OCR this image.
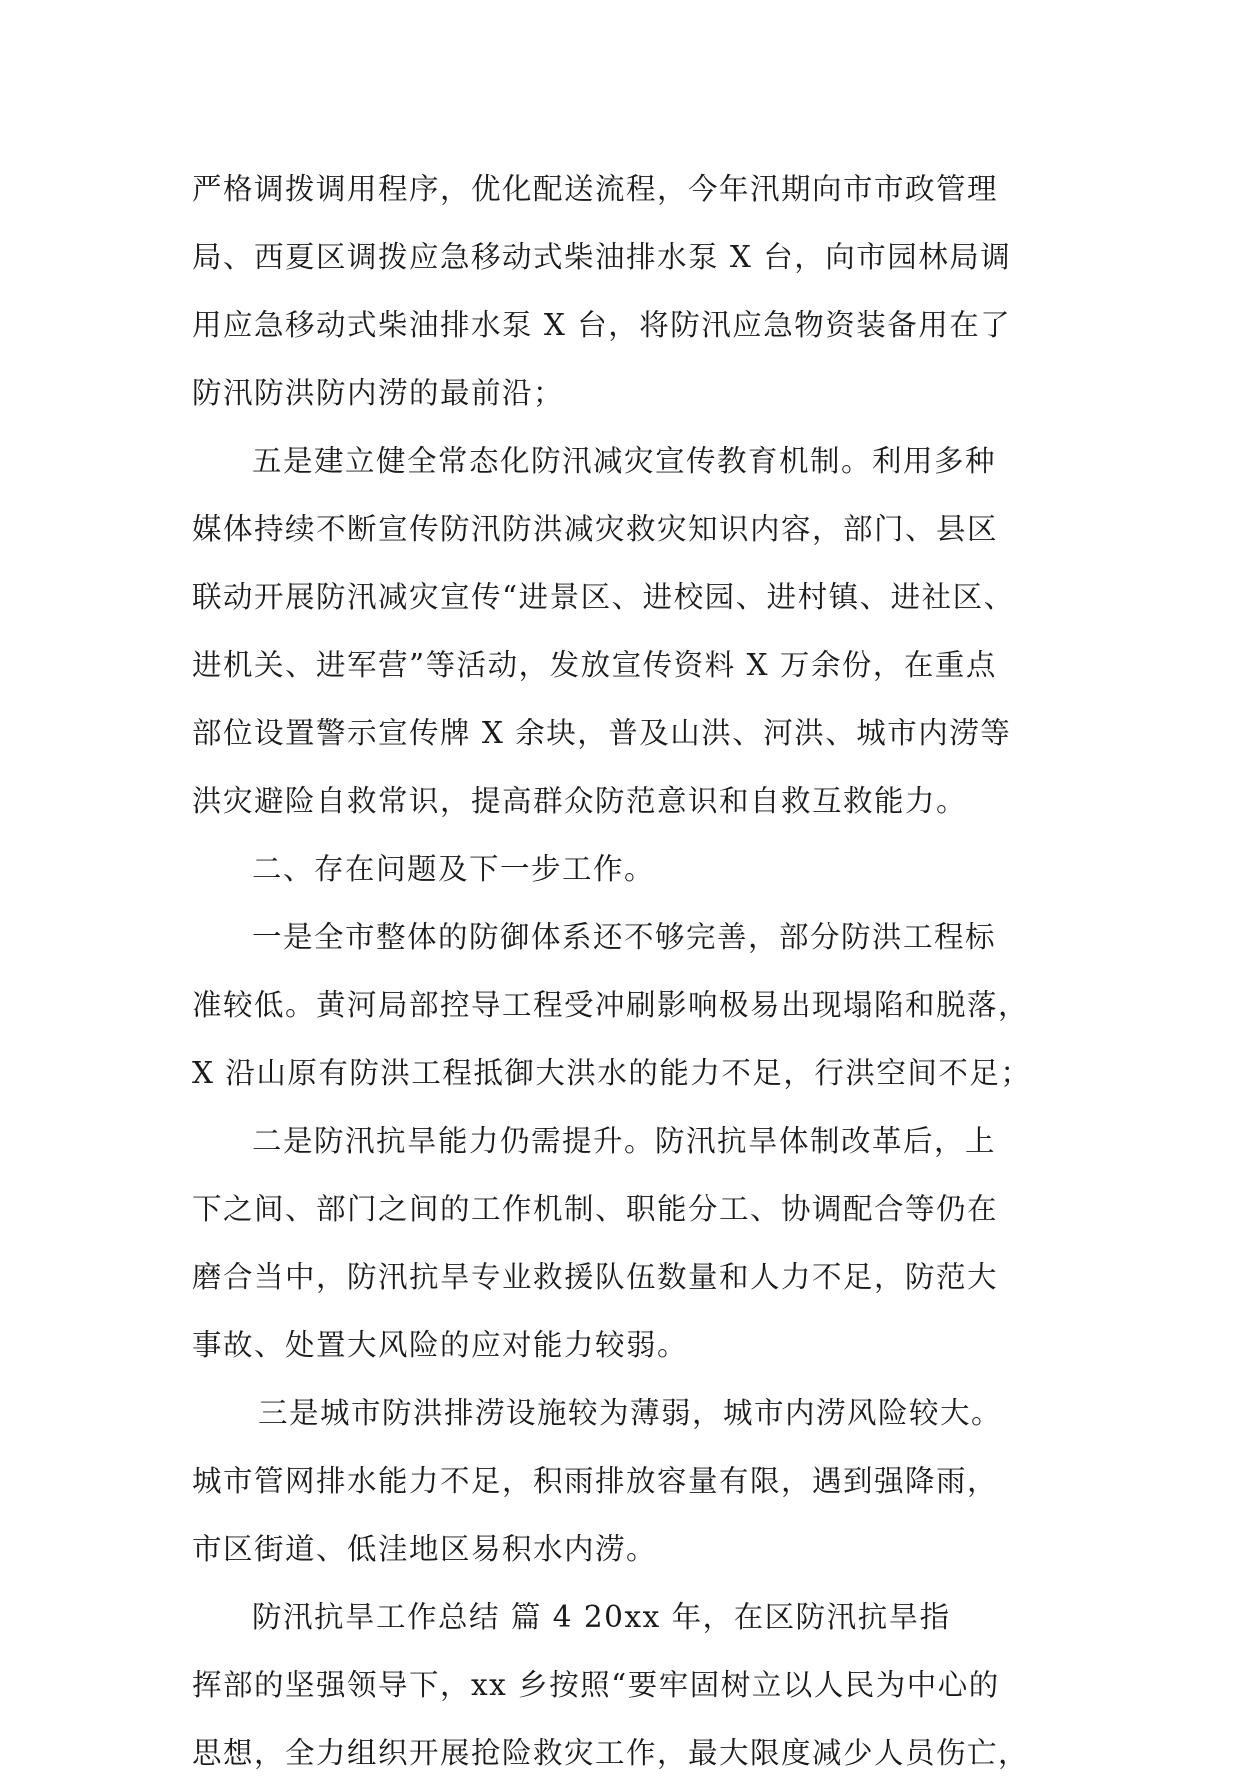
严格调拨调用程序，优化配送流程，今年汛期向市市政管理
局、西夏区调拨应急移动式柴油排水泵 X 台，向市园林局调
用应急移动式柴油排水泵 X 台，将防汛应急物资装备用在了
防汛防洪防内涝的最前沿；
五是建立健全常态化防汛减灾宣传教育机制。利用多种
媒体持续不断宣传防汛防洪减灾救灾知识内容，部门、县区
联动开展防汛减灾宣传“进景区、进校园、进村镇、进社区、
进机关、进军营”等活动，发放宣传资料 X 万余份，在重点
部位设置警示宣传牌 X 余块，普及山洪、河洪、城市内涝等
洪灾避险自救常识，提高群众防范意识和自救互救能力。
二、存在问题及下一步工作。
一是全市整体的防御体系还不够完善，部分防洪工程标
准较低。黄河局部控导工程受冲刷影响极易出现塌陷和脱落，
X 沿山原有防洪工程抵御大洪水的能力不足，行洪空间不足；
二是防汛抗旱能力仍需提升。防汛抗旱体制改革后，上
下之间、部门之间的工作机制、职能分工、协调配合等仍在
磨合当中，防汛抗旱专业救援队伍数量和人力不足，防范大
事故、处置大风险的应对能力较弱。
三是城市防洪排涝设施较为薄弱，城市内涝风险较大。
城市管网排水能力不足，积雨排放容量有限，遇到强降雨，
市区街道、低洼地区易积水内涝。
防汛抗旱工作总结 篇 4 20xx 年，在区防汛抗旱指
挥部的坚强领导下，xx 乡按照“要牢固树立以人民为中心的
思想，全力组织开展抢险救灾工作，最大限度减少人员伤亡，
